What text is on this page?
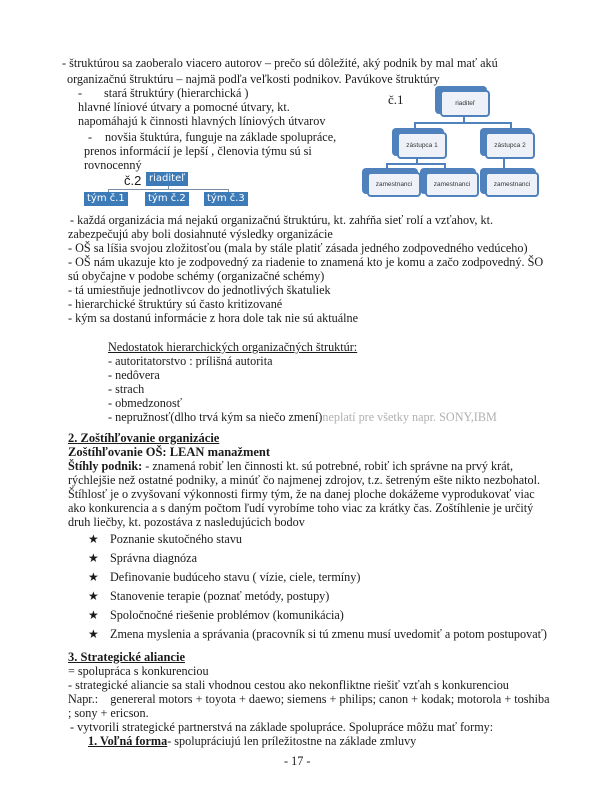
- štruktúrou sa zaoberalo viacero autorov – prečo sú dôležité, aký podnik by mal mať akú
organizačnú štruktúru – najmä podľa veľkosti podnikov. Pavúkove štruktúry
- stará štruktúry (hierarchická )
hlavné líniové útvary a pomocné útvary, kt.
napomáhajú k činnosti hlavných líniových útvarov
- novšia štuktúra, funguje na základe spolupráce,
prenos informácií je lepší , členovia týmu sú si
rovnocenný
č.1	riaditeľ
zástupca 1	zástupca 2
zamestnanci	zamestnanci	zamestnanci
č.2 riaditeľ
tým č.1	tým č.2	tým č.3
- každá organizácia má nejakú organizačnú štruktúru, kt. zahŕňa sieť rolí a vzťahov, kt.
zabezpečujú aby boli dosiahnuté výsledky organizácie
- OŠ sa líšia svojou zložitosťou (mala by stále platiť zásada jedného zodpovedného vedúceho)
- OŠ nám ukazuje kto je zodpovedný za riadenie to znamená kto je komu a začo zodpovedný. ŠO
sú obyčajne v podobe schémy (organizačné schémy)
- tá umiestňuje jednotlivcov do jednotlivých škatuliek
- hierarchické štruktúry sú často kritizované
- kým sa dostanú informácie z hora dole tak nie sú aktuálne
Nedostatok hierarchických organizačných štruktúr:
- autoritatorstvo : prílišná autorita
- nedôvera
- strach
- obmedzonosť
- nepružnosť(dlho trvá kým sa niečo zmení)neplatí pre všetky napr. SONY,IBM
2. Zoštíhľovanie organizácie
Zoštíhľovanie OŠ: LEAN manažment
Štíhly podnik: - znamená robiť len činnosti kt. sú potrebné, robiť ich správne na prvý krát,
rýchlejšie než ostatné podniky, a minúť čo najmenej zdrojov, t.z. šetreným ešte nikto nezbohatol.
Štíhlosť je o zvyšovaní výkonnosti firmy tým, že na danej ploche dokážeme vyprodukovať viac
ako konkurencia a s daným počtom ľudí vyrobíme toho viac za krátky čas. Zoštíhlenie je určitý
druh liečby, kt. pozostáva z nasledujúcich bodov
★ Poznanie skutočného stavu
★ Správna diagnóza
★ Definovanie budúceho stavu ( vízie, ciele, termíny)
★ Stanovenie terapie (poznať metódy, postupy)
★ Spoločnočné riešenie problémov (komunikácia)
★ Zmena myslenia a správania (pracovník si tú zmenu musí uvedomiť a potom postupovať)
3. Strategické aliancie
= spolupráca s konkurenciou
- strategické aliancie sa stali vhodnou cestou ako nekonfliktne riešiť vzťah s konkurenciou
Napr.:    genereral motors + toyota + daewo; siemens + philips; canon + kodak; motorola + toshiba
; sony + ericson.
- vytvorili strategické partnerstvá na základe spolupráce. Spolupráce môžu mať formy:
1. Voľná forma- spolupráciujú len príležitostne na základe zmluvy
- 17 -
